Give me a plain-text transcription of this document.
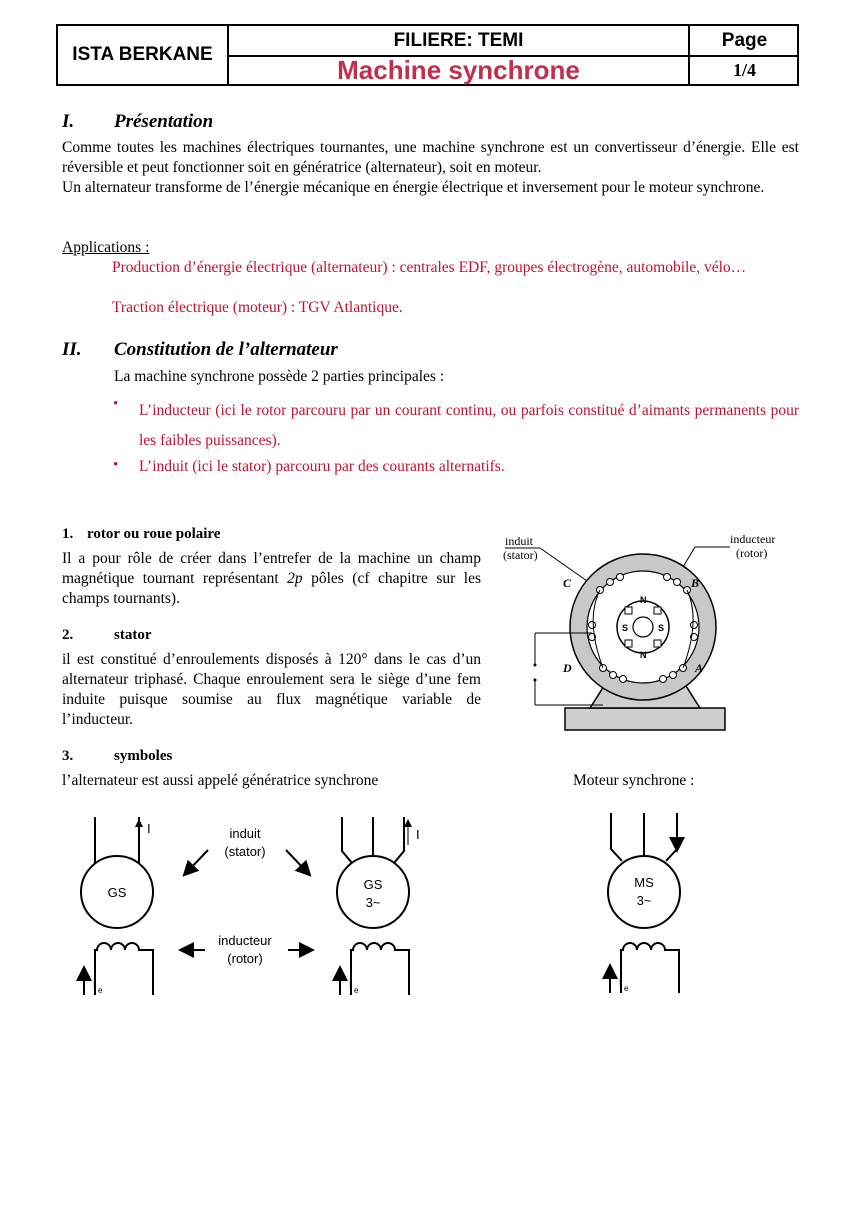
ISTA BERKANE
FILIERE: TEMI
Machine synchrone
Page
1/4
I. Présentation
Comme toutes les machines électriques tournantes, une machine synchrone est un convertisseur d’énergie. Elle est réversible et peut fonctionner soit en génératrice (alternateur), soit en moteur.
Un alternateur transforme de l’énergie mécanique en énergie électrique et inversement pour le moteur synchrone.
Applications :
Production d’énergie électrique (alternateur) : centrales EDF, groupes électrogène, automobile, vélo…
Traction électrique (moteur) : TGV Atlantique.
II. Constitution de l’alternateur
La machine synchrone possède 2 parties principales :
• L’inducteur (ici le rotor parcouru par un courant continu, ou parfois constitué d’aimants permanents pour les faibles puissances).
• L’induit (ici le stator) parcouru par des courants alternatifs.
1. rotor ou roue polaire
Il a pour rôle de créer dans l’entrefer de la machine un champ magnétique tournant représentant 2p pôles (cf chapitre sur les champs tournants).
2.	stator
il est constitué d’enroulements disposés à 120° dans le cas d’un alternateur triphasé. Chaque enroulement sera le siège d’une fem induite puisque soumise au flux magnétique variable de l’inducteur.
3.	symboles
l’alternateur est aussi appelé génératrice synchrone	Moteur synchrone :
induit
(stator)
inducteur
(rotor)
N
N
S	S
C	B
D	A
GS
I
i e
induit
(stator)
inducteur
(rotor)
GS
3~
I
i e
MS
3~
i e
